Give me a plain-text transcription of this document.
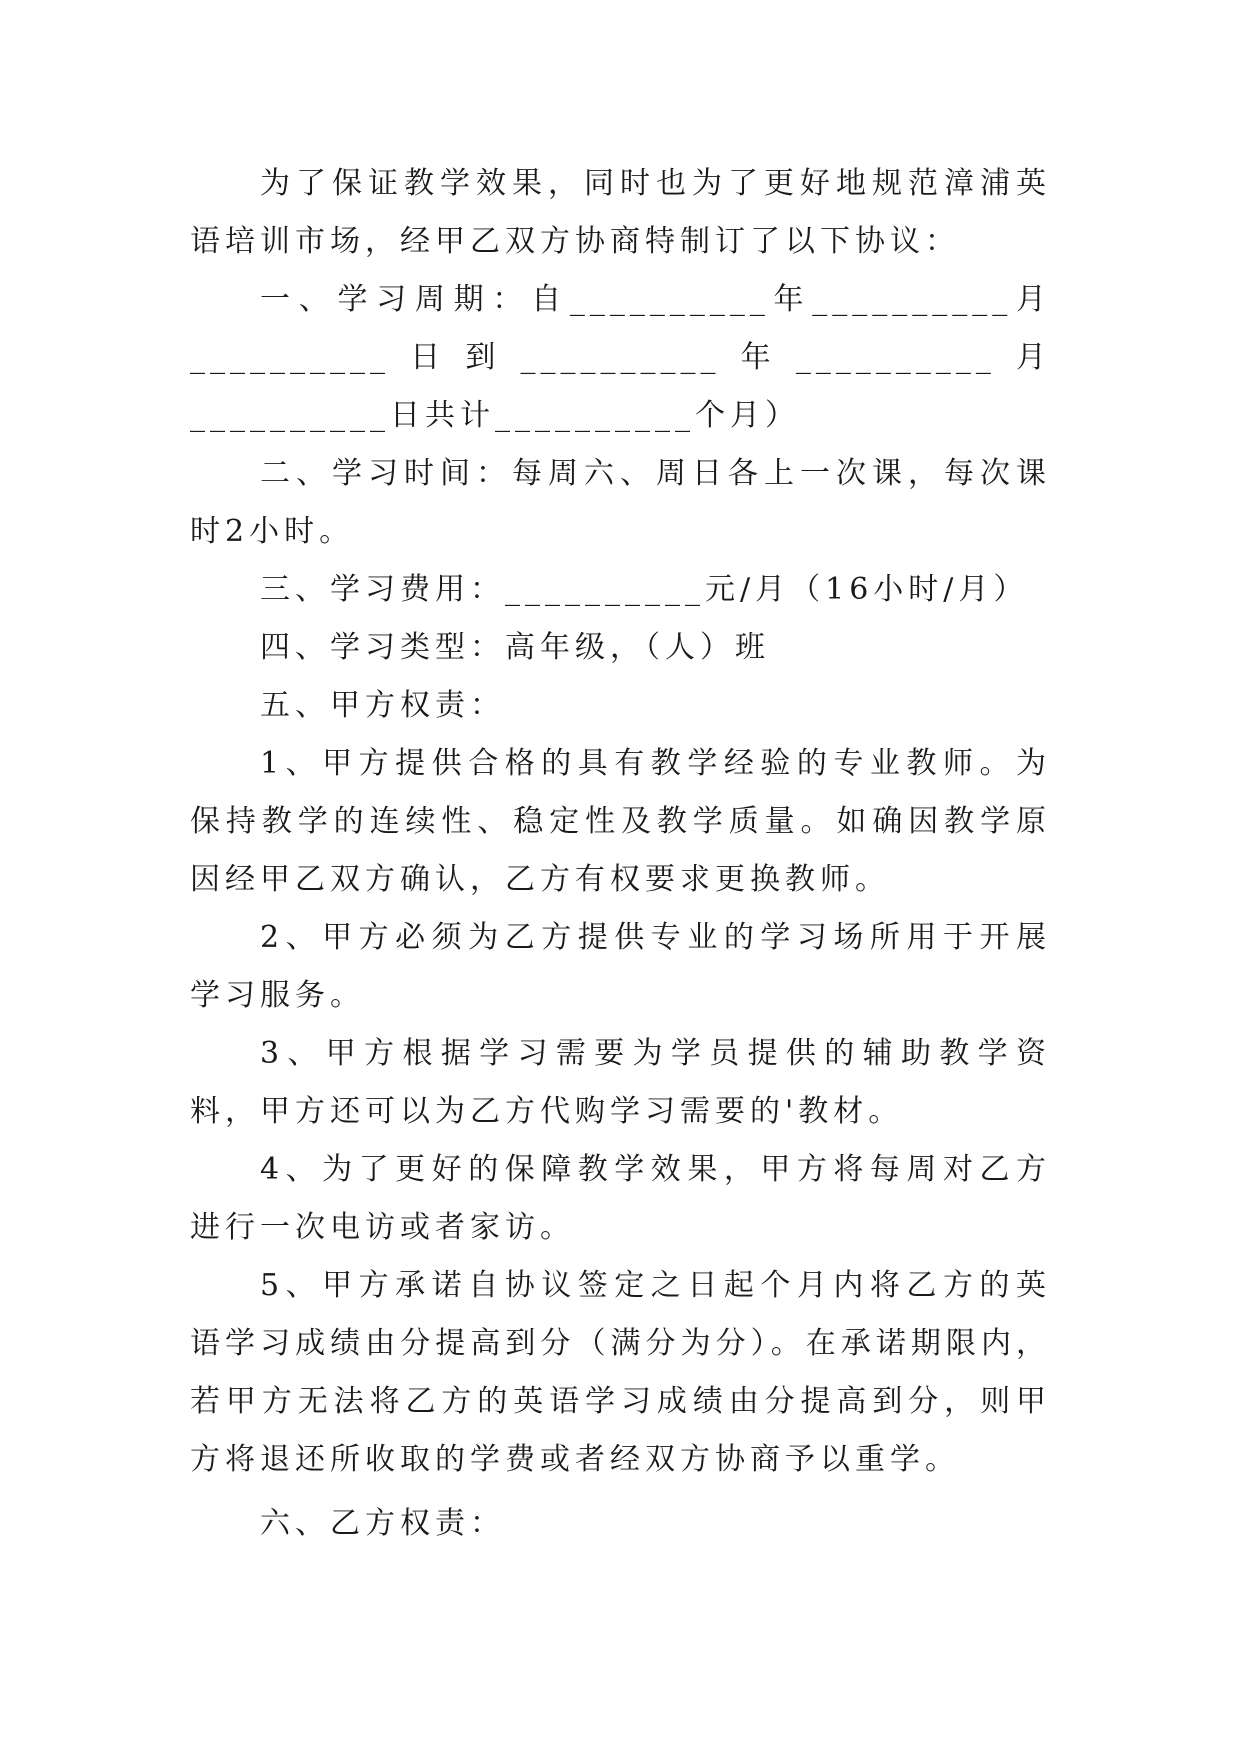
为了保证教学效果，同时也为了更好地规范漳浦英语培训市场，经甲乙双方协商特制订了以下协议：

一、学习周期：自__________年__________月__________日到__________年__________月__________日共计__________个月）

二、学习时间：每周六、周日各上一次课，每次课时2小时。

三、学习费用：__________元/月（16小时/月）

四、学习类型：高年级，（人）班

五、甲方权责：

1、甲方提供合格的具有教学经验的专业教师。为保持教学的连续性、稳定性及教学质量。如确因教学原因经甲乙双方确认，乙方有权要求更换教师。

2、甲方必须为乙方提供专业的学习场所用于开展学习服务。

3、甲方根据学习需要为学员提供的辅助教学资料，甲方还可以为乙方代购学习需要的'教材。

4、为了更好的保障教学效果，甲方将每周对乙方进行一次电访或者家访。

5、甲方承诺自协议签定之日起个月内将乙方的英语学习成绩由分提高到分（满分为分）。在承诺期限内，若甲方无法将乙方的英语学习成绩由分提高到分，则甲方将退还所收取的学费或者经双方协商予以重学。

六、乙方权责：
